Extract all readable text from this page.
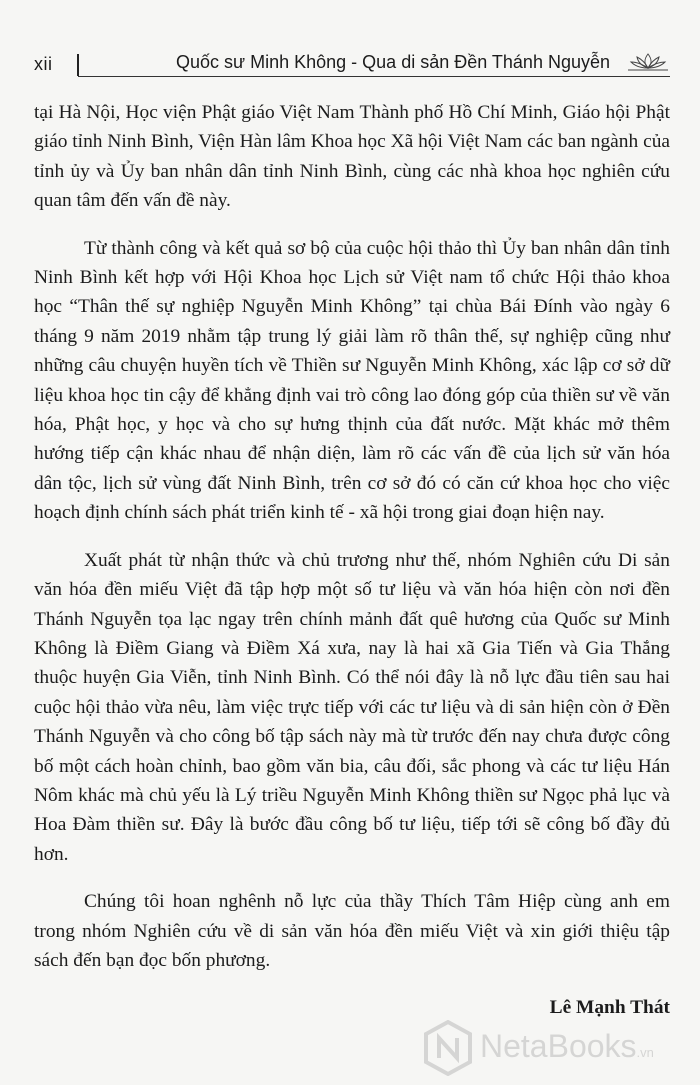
xii	Quốc sư Minh Không - Qua di sản Đền Thánh Nguyễn

tại Hà Nội, Học viện Phật giáo Việt Nam Thành phố Hồ Chí Minh, Giáo hội Phật giáo tỉnh Ninh Bình, Viện Hàn lâm Khoa học Xã hội Việt Nam các ban ngành của tỉnh ủy và Ủy ban nhân dân tỉnh Ninh Bình, cùng các nhà khoa học nghiên cứu quan tâm đến vấn đề này.

Từ thành công và kết quả sơ bộ của cuộc hội thảo thì Ủy ban nhân dân tỉnh Ninh Bình kết hợp với Hội Khoa học Lịch sử Việt nam tổ chức Hội thảo khoa học “Thân thế sự nghiệp Nguyễn Minh Không” tại chùa Bái Đính vào ngày 6 tháng 9 năm 2019 nhằm tập trung lý giải làm rõ thân thế, sự nghiệp cũng như những câu chuyện huyền tích về Thiền sư Nguyễn Minh Không, xác lập cơ sở dữ liệu khoa học tin cậy để khẳng định vai trò công lao đóng góp của thiền sư về văn hóa, Phật học, y học và cho sự hưng thịnh của đất nước. Mặt khác mở thêm hướng tiếp cận khác nhau để nhận diện, làm rõ các vấn đề của lịch sử văn hóa dân tộc, lịch sử vùng đất Ninh Bình, trên cơ sở đó có căn cứ khoa học cho việc hoạch định chính sách phát triển kinh tế - xã hội trong giai đoạn hiện nay.

Xuất phát từ nhận thức và chủ trương như thế, nhóm Nghiên cứu Di sản văn hóa đền miếu Việt đã tập hợp một số tư liệu và văn hóa hiện còn nơi đền Thánh Nguyễn tọa lạc ngay trên chính mảnh đất quê hương của Quốc sư Minh Không là Điềm Giang và Điềm Xá xưa, nay là hai xã Gia Tiến và Gia Thắng thuộc huyện Gia Viễn, tỉnh Ninh Bình. Có thể nói đây là nỗ lực đầu tiên sau hai cuộc hội thảo vừa nêu, làm việc trực tiếp với các tư liệu và di sản hiện còn ở Đền Thánh Nguyễn và cho công bố tập sách này mà từ trước đến nay chưa được công bố một cách hoàn chỉnh, bao gồm văn bia, câu đối, sắc phong và các tư liệu Hán Nôm khác mà chủ yếu là Lý triều Nguyễn Minh Không thiền sư Ngọc phả lục và Hoa Đàm thiền sư. Đây là bước đầu công bố tư liệu, tiếp tới sẽ công bố đầy đủ hơn.

Chúng tôi hoan nghênh nỗ lực của thầy Thích Tâm Hiệp cùng anh em trong nhóm Nghiên cứu về di sản văn hóa đền miếu Việt và xin giới thiệu tập sách đến bạn đọc bốn phương.

Lê Mạnh Thát

NetaBooks.vn
